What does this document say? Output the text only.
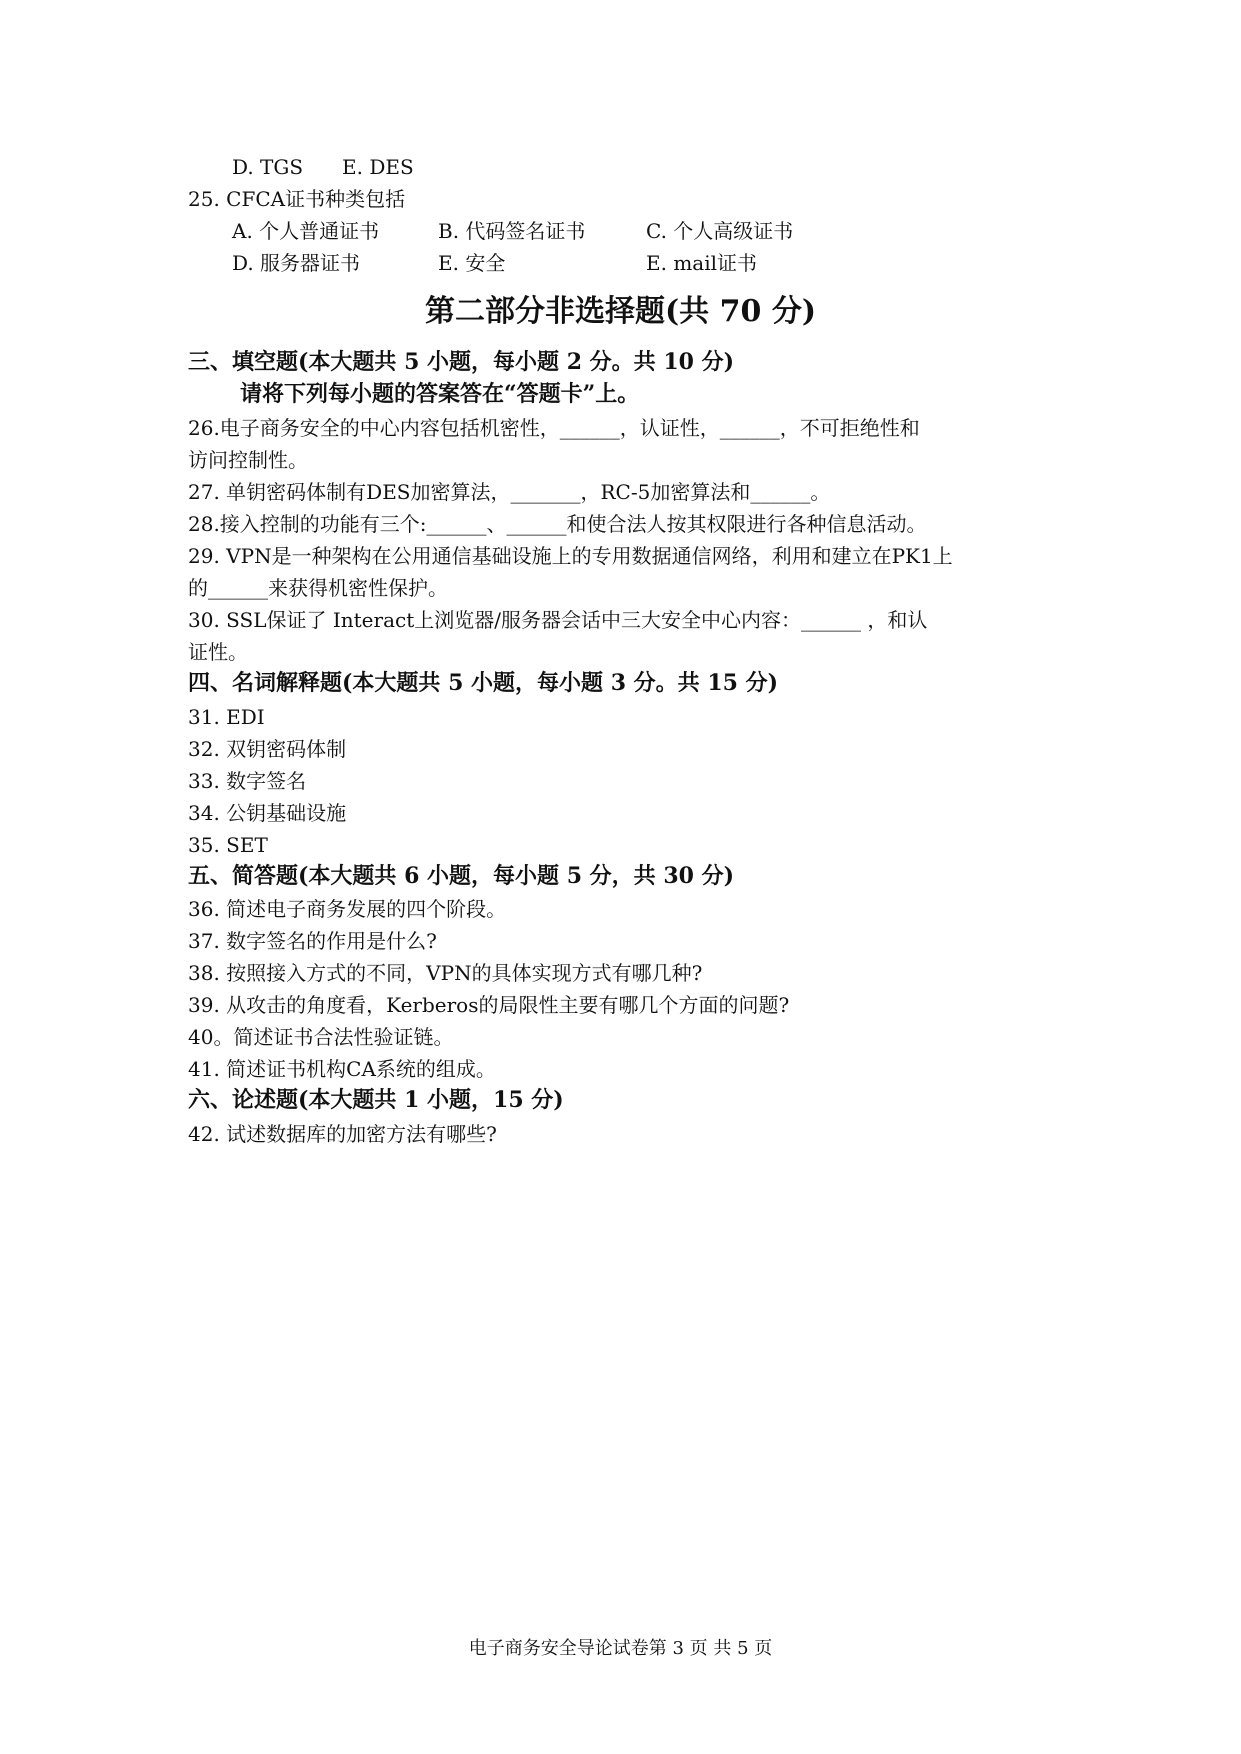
D. TGS E. DES
25. CFCA证书种类包括
A. 个人普通证书	B. 代码签名证书	C. 个人高级证书
D. 服务器证书	E. 安全	E. mail证书
第二部分非选择题(共 70 分)
三、填空题(本大题共 5 小题，每小题 2 分。共 10 分)
请将下列每小题的答案答在“答题卡”上。
26.电子商务安全的中心内容包括机密性，______，认证性，______，不可拒绝性和
访问控制性。
27. 单钥密码体制有DES加密算法，_______，RC-5加密算法和______。
28.接入控制的功能有三个:______、______和使合法人按其权限进行各种信息活动。
29. VPN是一种架构在公用通信基础设施上的专用数据通信网络，利用和建立在PK1上
的______来获得机密性保护。
30. SSL保证了 Interact上浏览器/服务器会话中三大安全中心内容：______ ，和认
证性。
四、名词解释题(本大题共 5 小题，每小题 3 分。共 15 分)
31. EDI
32. 双钥密码体制
33. 数字签名
34. 公钥基础设施
35. SET
五、简答题(本大题共 6 小题，每小题 5 分，共 30 分)
36. 简述电子商务发展的四个阶段。
37. 数字签名的作用是什么?
38. 按照接入方式的不同，VPN的具体实现方式有哪几种?
39. 从攻击的角度看，Kerberos的局限性主要有哪几个方面的问题?
40。简述证书合法性验证链。
41. 简述证书机构CA系统的组成。
六、论述题(本大题共 1 小题，15 分)
42. 试述数据库的加密方法有哪些?
电子商务安全导论试卷第 3 页 共 5 页
